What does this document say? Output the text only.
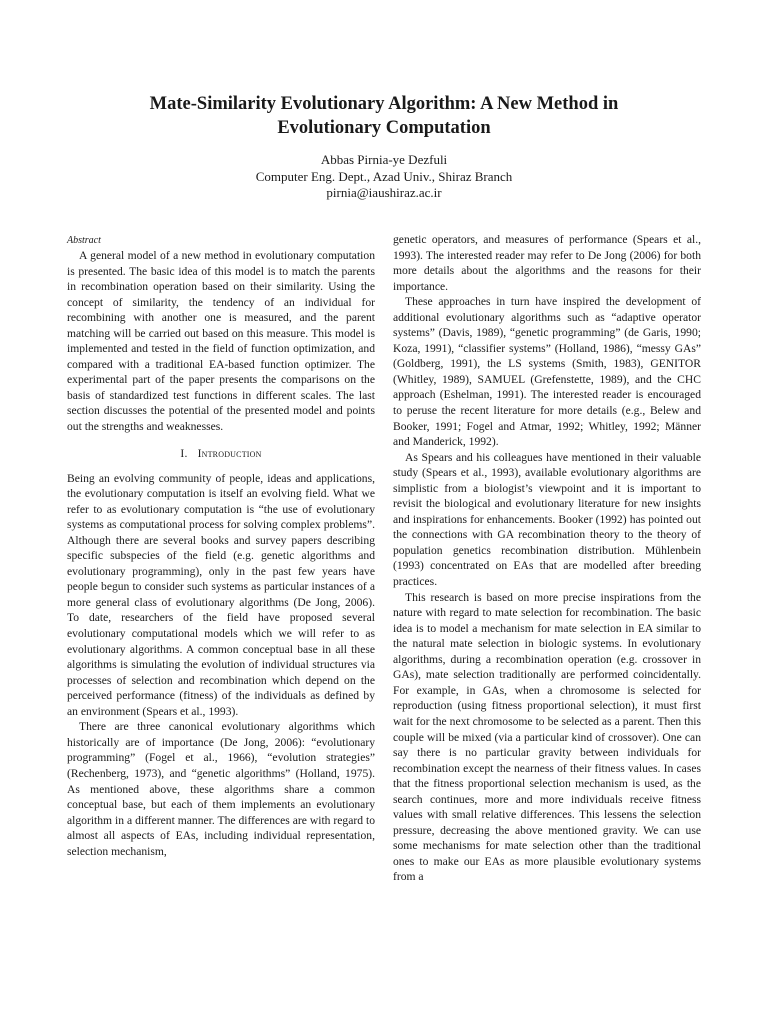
Mate-Similarity Evolutionary Algorithm: A New Method in
Evolutionary Computation
Abbas Pirnia-ye Dezfuli
Computer Eng. Dept., Azad Univ., Shiraz Branch
pirnia@iaushiraz.ac.ir

Abstract

A general model of a new method in evolutionary computation is presented. The basic idea of this model is to match the parents in recombination operation based on their similarity. Using the concept of similarity, the tendency of an individual for recombining with another one is measured, and the parent matching will be carried out based on this measure. This model is implemented and tested in the field of function optimization, and compared with a traditional EA-based function optimizer. The experimental part of the paper presents the comparisons on the basis of standardized test functions in different scales. The last section discusses the potential of the presented model and points out the strengths and weaknesses.

I. Introduction

Being an evolving community of people, ideas and applications, the evolutionary computation is itself an evolving field. What we refer to as evolutionary computation is “the use of evolutionary systems as computational process for solving complex problems”. Although there are several books and survey papers describing specific subspecies of the field (e.g. genetic algorithms and evolutionary programming), only in the past few years have people begun to consider such systems as particular instances of a more general class of evolutionary algorithms (De Jong, 2006). To date, researchers of the field have proposed several evolutionary computational models which we will refer to as evolutionary algorithms. A common conceptual base in all these algorithms is simulating the evolution of individual structures via processes of selection and recombination which depend on the perceived performance (fitness) of the individuals as defined by an environment (Spears et al., 1993).

There are three canonical evolutionary algorithms which historically are of importance (De Jong, 2006): “evolutionary programming” (Fogel et al., 1966), “evolution strategies” (Rechenberg, 1973), and “genetic algorithms” (Holland, 1975). As mentioned above, these algorithms share a common conceptual base, but each of them implements an evolutionary algorithm in a different manner. The differences are with regard to almost all aspects of EAs, including individual representation, selection mechanism,

genetic operators, and measures of performance (Spears et al., 1993). The interested reader may refer to De Jong (2006) for both more details about the algorithms and the reasons for their importance.

These approaches in turn have inspired the development of additional evolutionary algorithms such as “adaptive operator systems” (Davis, 1989), “genetic programming” (de Garis, 1990; Koza, 1991), “classifier systems” (Holland, 1986), “messy GAs” (Goldberg, 1991), the LS systems (Smith, 1983), GENITOR (Whitley, 1989), SAMUEL (Grefenstette, 1989), and the CHC approach (Eshelman, 1991). The interested reader is encouraged to peruse the recent literature for more details (e.g., Belew and Booker, 1991; Fogel and Atmar, 1992; Whitley, 1992; Männer and Manderick, 1992).

As Spears and his colleagues have mentioned in their valuable study (Spears et al., 1993), available evolutionary algorithms are simplistic from a biologist’s viewpoint and it is important to revisit the biological and evolutionary literature for new insights and inspirations for enhancements. Booker (1992) has pointed out the connections with GA recombination theory to the theory of population genetics recombination distribution. Mühlenbein (1993) concentrated on EAs that are modelled after breeding practices.

This research is based on more precise inspirations from the nature with regard to mate selection for recombination. The basic idea is to model a mechanism for mate selection in EA similar to the natural mate selection in biologic systems. In evolutionary algorithms, during a recombination operation (e.g. crossover in GAs), mate selection traditionally are performed coincidentally. For example, in GAs, when a chromosome is selected for reproduction (using fitness proportional selection), it must first wait for the next chromosome to be selected as a parent. Then this couple will be mixed (via a particular kind of crossover). One can say there is no particular gravity between individuals for recombination except the nearness of their fitness values. In cases that the fitness proportional selection mechanism is used, as the search continues, more and more individuals receive fitness values with small relative differences. This lessens the selection pressure, decreasing the above mentioned gravity. We can use some mechanisms for mate selection other than the traditional ones to make our EAs as more plausible evolutionary systems from a
